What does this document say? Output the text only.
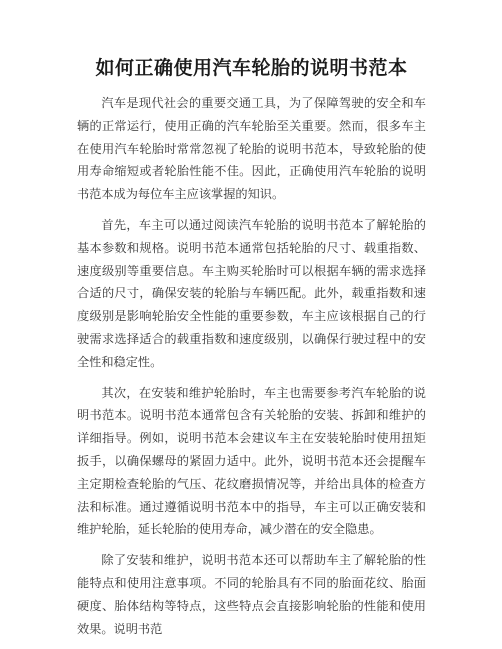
如何正确使用汽车轮胎的说明书范本

汽车是现代社会的重要交通工具，为了保障驾驶的安全和车辆的正常运行，使用正确的汽车轮胎至关重要。然而，很多车主在使用汽车轮胎时常常忽视了轮胎的说明书范本，导致轮胎的使用寿命缩短或者轮胎性能不佳。因此，正确使用汽车轮胎的说明书范本成为每位车主应该掌握的知识。

首先，车主可以通过阅读汽车轮胎的说明书范本了解轮胎的基本参数和规格。说明书范本通常包括轮胎的尺寸、载重指数、速度级别等重要信息。车主购买轮胎时可以根据车辆的需求选择合适的尺寸，确保安装的轮胎与车辆匹配。此外，载重指数和速度级别是影响轮胎安全性能的重要参数，车主应该根据自己的行驶需求选择适合的载重指数和速度级别，以确保行驶过程中的安全性和稳定性。

其次，在安装和维护轮胎时，车主也需要参考汽车轮胎的说明书范本。说明书范本通常包含有关轮胎的安装、拆卸和维护的详细指导。例如，说明书范本会建议车主在安装轮胎时使用扭矩扳手，以确保螺母的紧固力适中。此外，说明书范本还会提醒车主定期检查轮胎的气压、花纹磨损情况等，并给出具体的检查方法和标准。通过遵循说明书范本中的指导，车主可以正确安装和维护轮胎，延长轮胎的使用寿命，减少潜在的安全隐患。

除了安装和维护，说明书范本还可以帮助车主了解轮胎的性能特点和使用注意事项。不同的轮胎具有不同的胎面花纹、胎面硬度、胎体结构等特点，这些特点会直接影响轮胎的性能和使用效果。说明书范
